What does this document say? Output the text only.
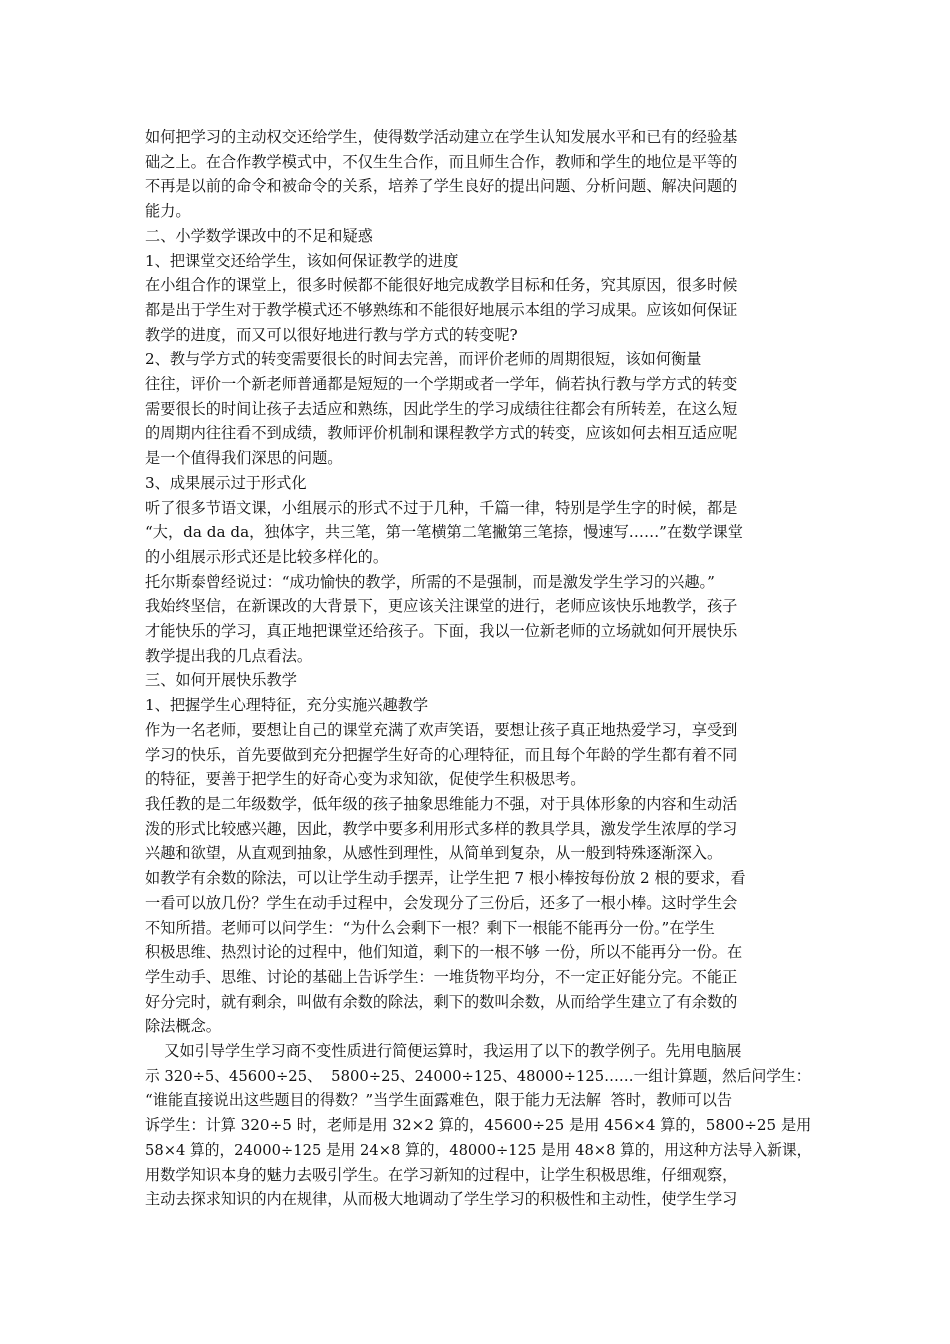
如何把学习的主动权交还给学生，使得数学活动建立在学生认知发展水平和已有的经验基
础之上。在合作教学模式中，不仅生生合作，而且师生合作，教师和学生的地位是平等的
不再是以前的命令和被命令的关系，培养了学生良好的提出问题、分析问题、解决问题的
能力。
二、小学数学课改中的不足和疑惑
1、把课堂交还给学生，该如何保证教学的进度
在小组合作的课堂上，很多时候都不能很好地完成教学目标和任务，究其原因，很多时候
都是出于学生对于教学模式还不够熟练和不能很好地展示本组的学习成果。应该如何保证
教学的进度，而又可以很好地进行教与学方式的转变呢?
2、教与学方式的转变需要很长的时间去完善，而评价老师的周期很短，该如何衡量
往往，评价一个新老师普通都是短短的一个学期或者一学年，倘若执行教与学方式的转变
需要很长的时间让孩子去适应和熟练，因此学生的学习成绩往往都会有所转差，在这么短
的周期内往往看不到成绩，教师评价机制和课程教学方式的转变，应该如何去相互适应呢
是一个值得我们深思的问题。
3、成果展示过于形式化
听了很多节语文课，小组展示的形式不过于几种，千篇一律，特别是学生字的时候，都是
“大，da da da，独体字，共三笔，第一笔横第二笔撇第三笔捺，慢速写……”在数学课堂
的小组展示形式还是比较多样化的。
托尔斯泰曾经说过：“成功愉快的教学，所需的不是强制，而是激发学生学习的兴趣。”
我始终坚信，在新课改的大背景下，更应该关注课堂的进行，老师应该快乐地教学，孩子
才能快乐的学习，真正地把课堂还给孩子。下面，我以一位新老师的立场就如何开展快乐
教学提出我的几点看法。
三、如何开展快乐教学
1、把握学生心理特征，充分实施兴趣教学
作为一名老师，要想让自己的课堂充满了欢声笑语，要想让孩子真正地热爱学习，享受到
学习的快乐，首先要做到充分把握学生好奇的心理特征，而且每个年龄的学生都有着不同
的特征，要善于把学生的好奇心变为求知欲，促使学生积极思考。
我任教的是二年级数学，低年级的孩子抽象思维能力不强，对于具体形象的内容和生动活
泼的形式比较感兴趣，因此，教学中要多利用形式多样的教具学具，激发学生浓厚的学习
兴趣和欲望，从直观到抽象，从感性到理性，从简单到复杂，从一般到特殊逐渐深入。
如教学有余数的除法，可以让学生动手摆弄，让学生把 7 根小棒按每份放 2 根的要求，看
一看可以放几份？学生在动手过程中，会发现分了三份后，还多了一根小棒。这时学生会
不知所措。老师可以问学生：“为什么会剩下一根？剩下一根能不能再分一份。”在学生
积极思维、热烈讨论的过程中，他们知道，剩下的一根不够 一份，所以不能再分一份。在
学生动手、思维、讨论的基础上告诉学生：一堆货物平均分，不一定正好能分完。不能正
好分完时，就有剩余，叫做有余数的除法，剩下的数叫余数，从而给学生建立了有余数的
除法概念。
又如引导学生学习商不变性质进行简便运算时，我运用了以下的教学例子。先用电脑展
示 320÷5、45600÷25、  5800÷25、24000÷125、48000÷125……一组计算题，然后问学生：
“谁能直接说出这些题目的得数？”当学生面露难色，限于能力无法解  答时，教师可以告
诉学生：计算 320÷5 时，老师是用 32×2 算的，45600÷25 是用 456×4 算的，5800÷25 是用
58×4 算的，24000÷125 是用 24×8 算的，48000÷125 是用 48×8 算的，用这种方法导入新课，
用数学知识本身的魅力去吸引学生。在学习新知的过程中，让学生积极思维，仔细观察，
主动去探求知识的内在规律，从而极大地调动了学生学习的积极性和主动性，使学生学习
